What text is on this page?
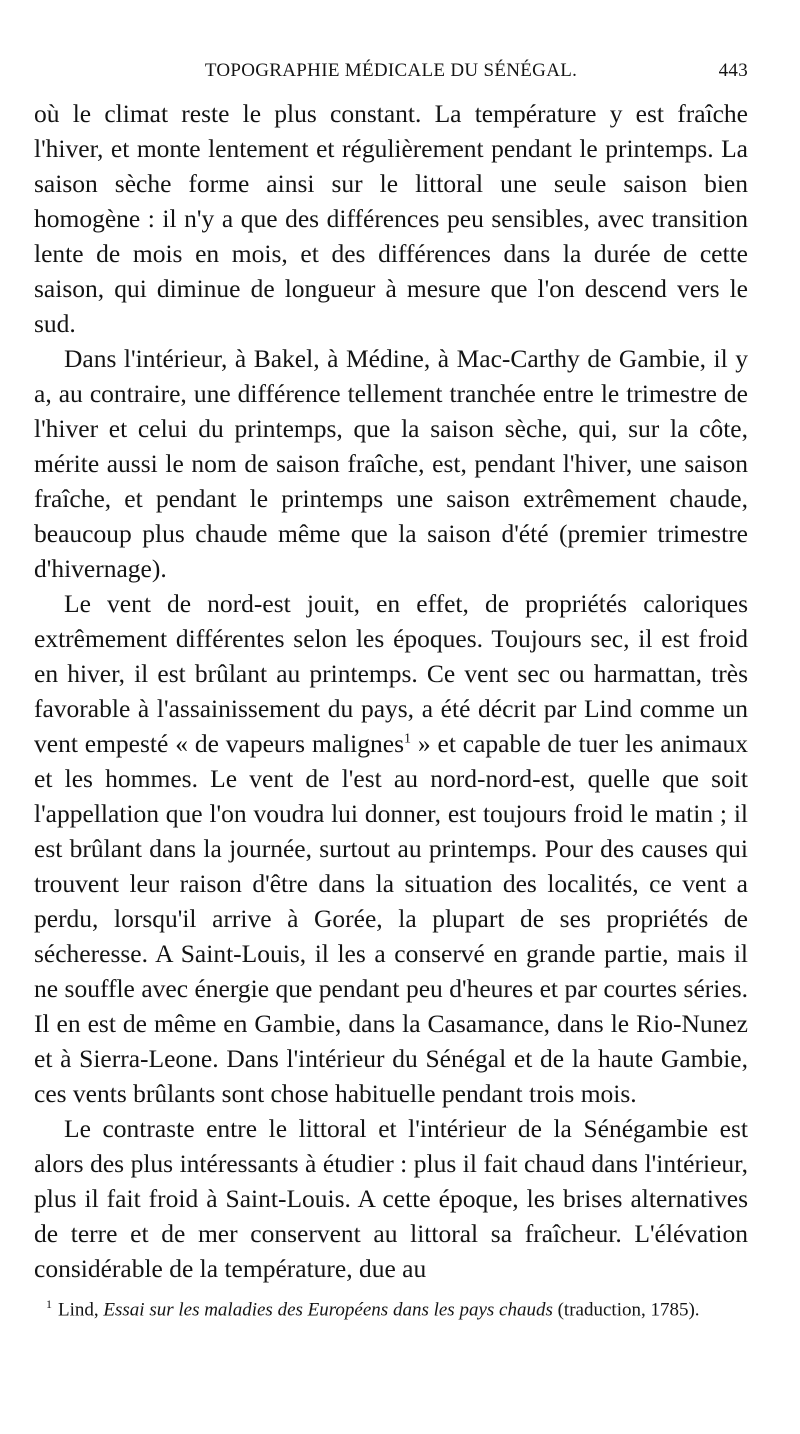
TOPOGRAPHIE MÉDICALE DU SÉNÉGAL.	443

où le climat reste le plus constant. La température y est fraîche l'hiver, et monte lentement et régulièrement pendant le printemps. La saison sèche forme ainsi sur le littoral une seule saison bien homogène : il n'y a que des différences peu sensibles, avec transition lente de mois en mois, et des différences dans la durée de cette saison, qui diminue de longueur à mesure que l'on descend vers le sud.

Dans l'intérieur, à Bakel, à Médine, à Mac-Carthy de Gambie, il y a, au contraire, une différence tellement tranchée entre le trimestre de l'hiver et celui du printemps, que la saison sèche, qui, sur la côte, mérite aussi le nom de saison fraîche, est, pendant l'hiver, une saison fraîche, et pendant le printemps une saison extrêmement chaude, beaucoup plus chaude même que la saison d'été (premier trimestre d'hivernage).

Le vent de nord-est jouit, en effet, de propriétés caloriques extrêmement différentes selon les époques. Toujours sec, il est froid en hiver, il est brûlant au printemps. Ce vent sec ou harmattan, très favorable à l'assainissement du pays, a été décrit par Lind comme un vent empesté « de vapeurs malignes$^1$ » et capable de tuer les animaux et les hommes. Le vent de l'est au nord-nord-est, quelle que soit l'appellation que l'on voudra lui donner, est toujours froid le matin ; il est brûlant dans la journée, surtout au printemps. Pour des causes qui trouvent leur raison d'être dans la situation des localités, ce vent a perdu, lorsqu'il arrive à Gorée, la plupart de ses propriétés de sécheresse. A Saint-Louis, il les a conservé en grande partie, mais il ne souffle avec énergie que pendant peu d'heures et par courtes séries. Il en est de même en Gambie, dans la Casamance, dans le Rio-Nunez et à Sierra-Leone. Dans l'intérieur du Sénégal et de la haute Gambie, ces vents brûlants sont chose habituelle pendant trois mois.

Le contraste entre le littoral et l'intérieur de la Sénégambie est alors des plus intéressants à étudier : plus il fait chaud dans l'intérieur, plus il fait froid à Saint-Louis. A cette époque, les brises alternatives de terre et de mer conservent au littoral sa fraîcheur. L'élévation considérable de la température, due au

$^1$ Lind, Essai sur les maladies des Européens dans les pays chauds (traduction, 1785).
